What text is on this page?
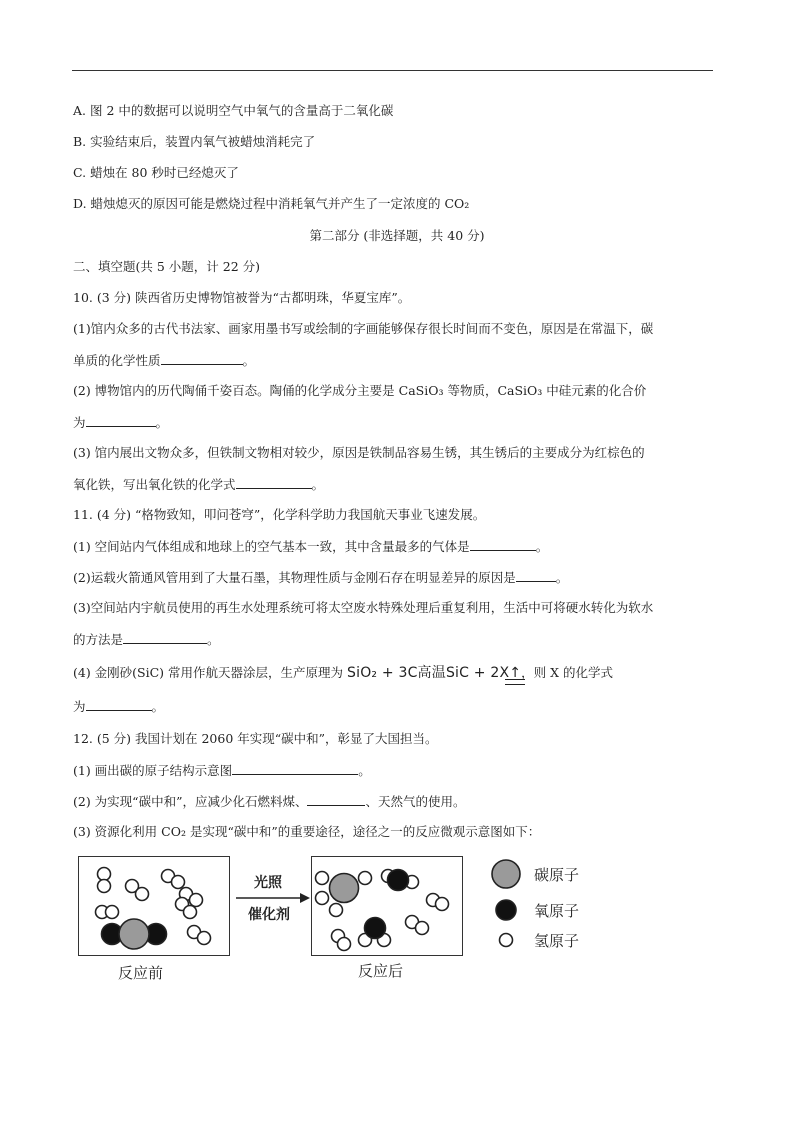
A. 图 2 中的数据可以说明空气中氧气的含量高于二氧化碳
B. 实验结束后，装置内氧气被蜡烛消耗完了
C. 蜡烛在 80 秒时已经熄灭了
D. 蜡烛熄灭的原因可能是燃烧过程中消耗氧气并产生了一定浓度的 CO₂
第二部分 (非选择题，共 40 分)
二、填空题(共 5 小题，计 22 分)
10. (3 分) 陕西省历史博物馆被誉为“古都明珠，华夏宝库”。
(1)馆内众多的古代书法家、画家用墨书写或绘制的字画能够保存很长时间而不变色，原因是在常温下，碳
单质的化学性质	。
(2) 博物馆内的历代陶俑千姿百态。陶俑的化学成分主要是 CaSiO₃ 等物质，CaSiO₃ 中硅元素的化合价
为	。
(3) 馆内展出文物众多，但铁制文物相对较少，原因是铁制品容易生锈，其生锈后的主要成分为红棕色的
氧化铁，写出氧化铁的化学式	。
11. (4 分) “格物致知，叩问苍穹”，化学科学助力我国航天事业飞速发展。
(1) 空间站内气体组成和地球上的空气基本一致，其中含量最多的气体是	。
(2)运载火箭通风管用到了大量石墨，其物理性质与金刚石存在明显差异的原因是	。
(3)空间站内宇航员使用的再生水处理系统可将太空废水特殊处理后重复利用，生活中可将硬水转化为软水
的方法是	。
(4) 金刚砂(SiC) 常用作航天器涂层，生产原理为 SiO₂ + 3C高温SiC + 2X↑
，则 X 的化学式
为	。
12. (5 分) 我国计划在 2060 年实现“碳中和”，彰显了大国担当。
(1) 画出碳的原子结构示意图	。
(2) 为实现“碳中和”，应减少化石燃料煤、	、天然气的使用。
(3) 资源化利用 CO₂ 是实现“碳中和”的重要途径，途径之一的反应微观示意图如下：
光照
催化剂
反应前	反应后
碳原子
氧原子
氢原子
